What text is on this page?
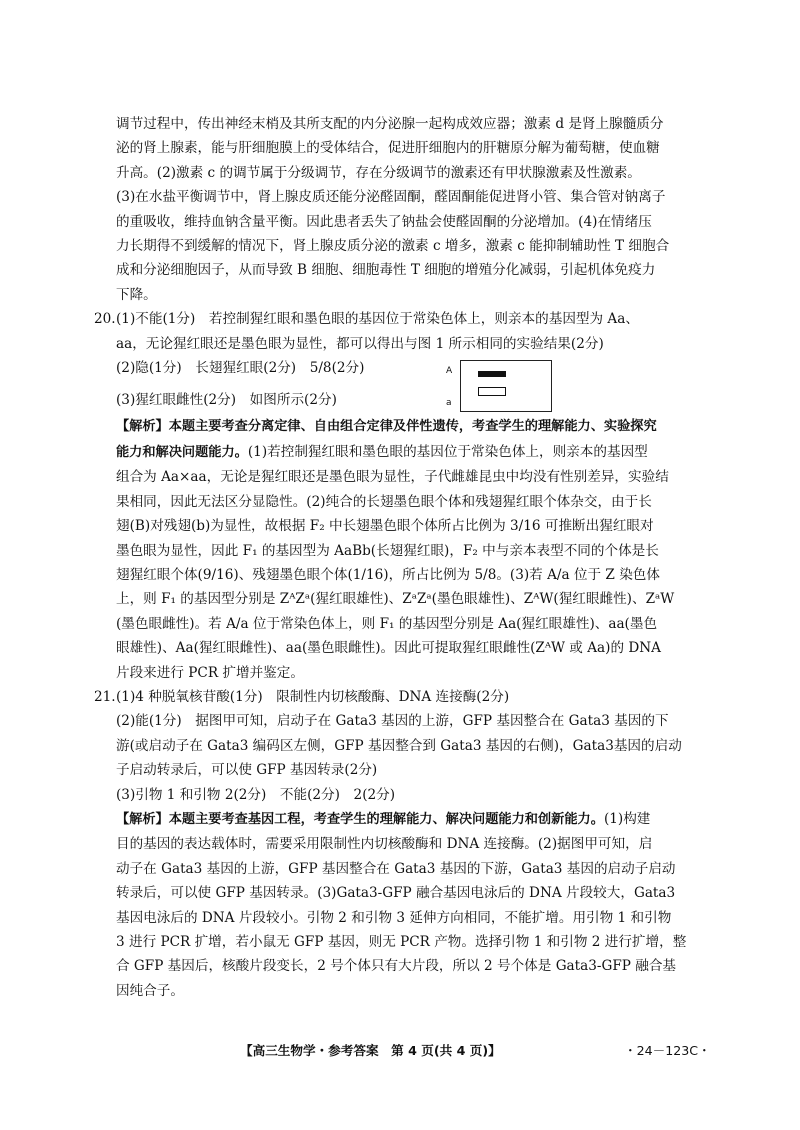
调节过程中，传出神经末梢及其所支配的内分泌腺一起构成效应器；激素 d 是肾上腺髓质分

泌的肾上腺素，能与肝细胞膜上的受体结合，促进肝细胞内的肝糖原分解为葡萄糖，使血糖

升高。(2)激素 c 的调节属于分级调节，存在分级调节的激素还有甲状腺激素及性激素。

(3)在水盐平衡调节中，肾上腺皮质还能分泌醛固酮，醛固酮能促进肾小管、集合管对钠离子

的重吸收，维持血钠含量平衡。因此患者丢失了钠盐会使醛固酮的分泌增加。(4)在情绪压

力长期得不到缓解的情况下，肾上腺皮质分泌的激素 c 增多，激素 c 能抑制辅助性 T 细胞合

成和分泌细胞因子，从而导致 B 细胞、细胞毒性 T 细胞的增殖分化减弱，引起机体免疫力

下降。

20.(1)不能(1分)　若控制猩红眼和墨色眼的基因位于常染色体上，则亲本的基因型为 Aa、

aa，无论猩红眼还是墨色眼为显性，都可以得出与图 1 所示相同的实验结果(2分)

(2)隐(1分)　长翅猩红眼(2分)　5/8(2分)

(3)猩红眼雌性(2分)　如图所示(2分)

A
a

【解析】本题主要考查分离定律、自由组合定律及伴性遗传，考查学生的理解能力、实验探究

能力和解决问题能力。(1)若控制猩红眼和墨色眼的基因位于常染色体上，则亲本的基因型

组合为 Aa×aa，无论是猩红眼还是墨色眼为显性，子代雌雄昆虫中均没有性别差异，实验结

果相同，因此无法区分显隐性。(2)纯合的长翅墨色眼个体和残翅猩红眼个体杂交，由于长

翅(B)对残翅(b)为显性，故根据 F₂ 中长翅墨色眼个体所占比例为 3/16 可推断出猩红眼对

墨色眼为显性，因此 F₁ 的基因型为 AaBb(长翅猩红眼)，F₂ 中与亲本表型不同的个体是长

翅猩红眼个体(9/16)、残翅墨色眼个体(1/16)，所占比例为 5/8。(3)若 A/a 位于 Z 染色体

上，则 F₁ 的基因型分别是 ZᴬZᵃ(猩红眼雄性)、ZᵃZᵃ(墨色眼雄性)、ZᴬW(猩红眼雌性)、ZᵃW

(墨色眼雌性)。若 A/a 位于常染色体上，则 F₁ 的基因型分别是 Aa(猩红眼雄性)、aa(墨色

眼雄性)、Aa(猩红眼雌性)、aa(墨色眼雌性)。因此可提取猩红眼雌性(ZᴬW 或 Aa)的 DNA

片段来进行 PCR 扩增并鉴定。

21.(1)4 种脱氧核苷酸(1分)　限制性内切核酸酶、DNA 连接酶(2分)

(2)能(1分)　据图甲可知，启动子在 Gata3 基因的上游，GFP 基因整合在 Gata3 基因的下

游(或启动子在 Gata3 编码区左侧，GFP 基因整合到 Gata3 基因的右侧)，Gata3基因的启动

子启动转录后，可以使 GFP 基因转录(2分)

(3)引物 1 和引物 2(2分)　不能(2分)　2(2分)

【解析】本题主要考查基因工程，考查学生的理解能力、解决问题能力和创新能力。(1)构建

目的基因的表达载体时，需要采用限制性内切核酸酶和 DNA 连接酶。(2)据图甲可知，启

动子在 Gata3 基因的上游，GFP 基因整合在 Gata3 基因的下游，Gata3 基因的启动子启动

转录后，可以使 GFP 基因转录。(3)Gata3-GFP 融合基因电泳后的 DNA 片段较大，Gata3

基因电泳后的 DNA 片段较小。引物 2 和引物 3 延伸方向相同，不能扩增。用引物 1 和引物

3 进行 PCR 扩增，若小鼠无 GFP 基因，则无 PCR 产物。选择引物 1 和引物 2 进行扩增，整

合 GFP 基因后，核酸片段变长，2 号个体只有大片段，所以 2 号个体是 Gata3-GFP 融合基

因纯合子。

【高三生物学・参考答案　第 4 页(共 4 页)】	・24－123C・
